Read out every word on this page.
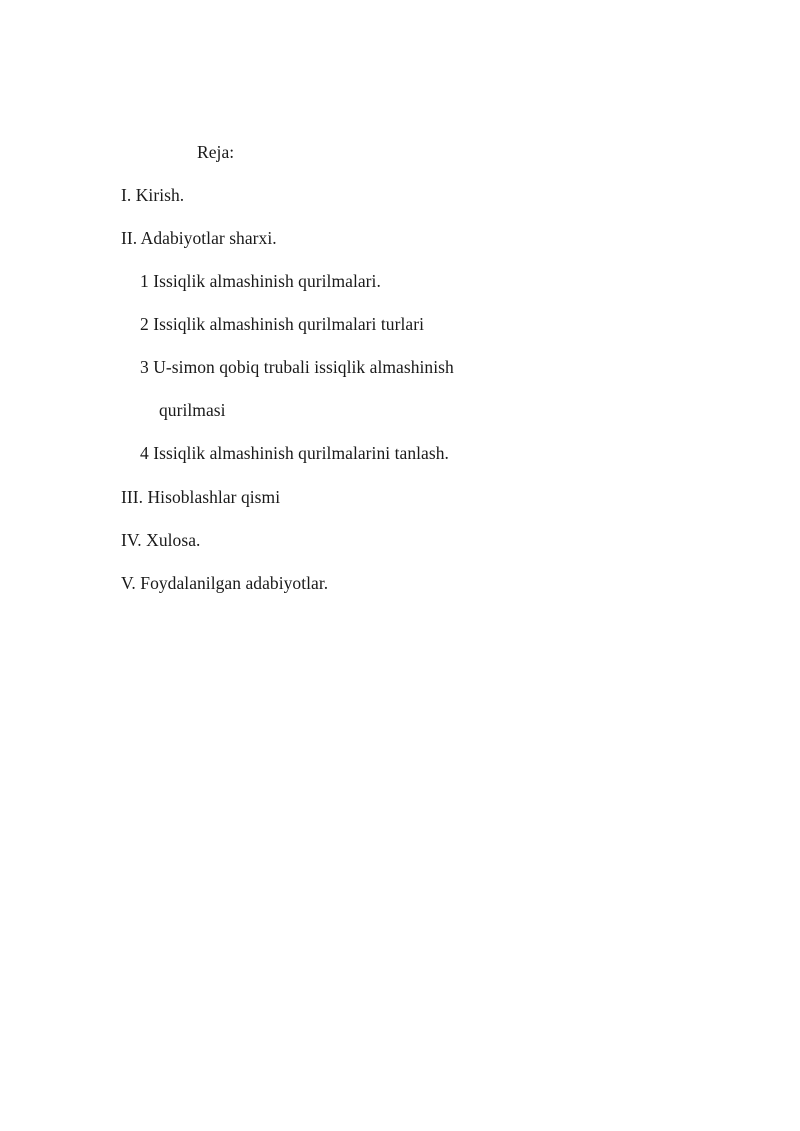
Reja:
I. Kirish.
II. Adabiyotlar sharxi.
1 Issiqlik almashinish qurilmalari.
2 Issiqlik almashinish qurilmalari turlari
3 U-simon qobiq trubali issiqlik almashinish
qurilmasi
4 Issiqlik almashinish qurilmalarini tanlash.
III. Hisoblashlar qismi
IV. Xulosa.
V. Foydalanilgan adabiyotlar.
